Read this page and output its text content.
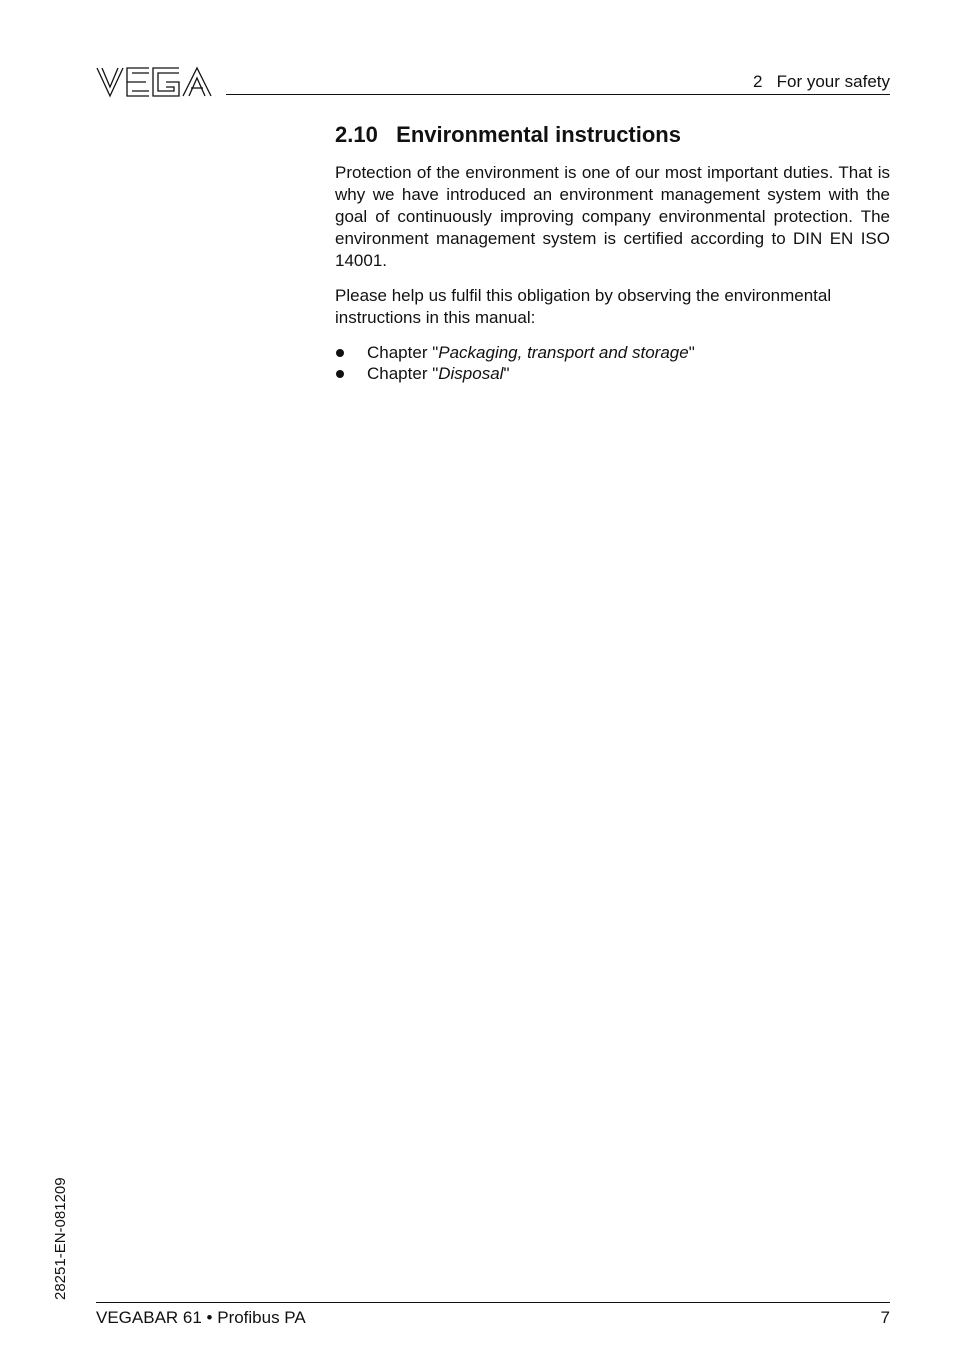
2   For your safety
2.10   Environmental instructions

Protection of the environment is one of our most important duties. That is why we have introduced an environment management system with the goal of continuously improving company environmental protection. The environment management system is certified according to DIN EN ISO 14001.

Please help us fulfil this obligation by observing the environmental instructions in this manual:

Chapter "Packaging, transport and storage"
Chapter "Disposal"
28251-EN-081209
VEGABAR 61 • Profibus PA	7
